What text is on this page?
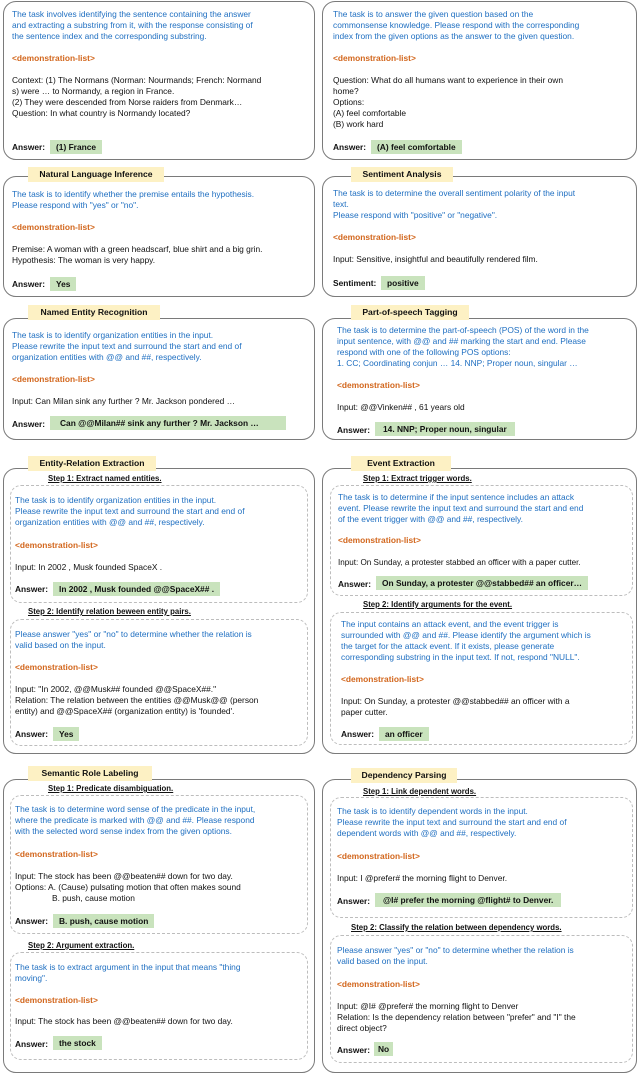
The task involves identifying the sentence containing the answer
and extracting a substring from it, with the response consisting of
the sentence index and the corresponding substring.
<demonstration-list>
Context: (1) The Normans (Norman: Nourmands; French: Normand
s) were … to Normandy, a region in France.
(2) They were descended from Norse raiders from Denmark…
Question: In what country is Normandy located?
Answer:	(1) France
The task is to answer the given question based on the
commonsense knowledge. Please respond with the corresponding
index from the given options as the answer to the given question.
<demonstration-list>
Question: What do all humans want to experience in their own
home?
Options:
(A) feel comfortable
(B) work hard
Answer:	(A) feel comfortable
Natural Language Inference
The task is to identify whether the premise entails the hypothesis.
Please respond with "yes" or "no".
<demonstration-list>
Premise: A woman with a green headscarf, blue shirt and a big grin.
Hypothesis: The woman is very happy.
Answer:	Yes
Sentiment Analysis
The task is to determine the overall sentiment polarity of the input
text.
Please respond with "positive" or "negative".
<demonstration-list>
Input: Sensitive, insightful and beautifully rendered film.
Sentiment:	positive
Named Entity Recognition
The task is to identify organization entities in the input.
Please rewrite the input text and surround the start and end of
organization entities with @@ and ##, respectively.
<demonstration-list>
Input: Can Milan sink any further ? Mr. Jackson pondered …
Answer:	Can @@Milan## sink any further ? Mr. Jackson …
Part-of-speech Tagging
The task is to determine the part-of-speech (POS) of the word in the
input sentence, with @@ and ## marking the start and end. Please
respond with one of the following POS options:
1. CC; Coordinating conjun … 14. NNP; Proper noun, singular …
<demonstration-list>
Input: @@Vinken## , 61 years old
Answer:	14. NNP; Proper noun, singular
Entity-Relation Extraction
Step 1: Extract named entities.
The task is to identify organization entities in the input.
Please rewrite the input text and surround the start and end of
organization entities with @@ and ##, respectively.
<demonstration-list>
Input: In 2002 , Musk founded SpaceX .
Answer:	In 2002 , Musk founded @@SpaceX## .
Step 2: Identify relation beween entity pairs.
Please answer "yes" or "no" to determine whether the relation is
valid based on the input.
<demonstration-list>
Input: "In 2002, @@Musk## founded @@SpaceX##."
Relation: The relation between the entities @@Musk@@ (person
entity) and @@SpaceX## (organization entity) is 'founded'.
Answer:	Yes
Event Extraction
Step 1: Extract trigger words.
The task is to determine if the input sentence includes an attack
event. Please rewrite the input text and surround the start and end
of the event trigger with @@ and ##, respectively.
<demonstration-list>
Input: On Sunday, a protester stabbed an officer with a paper cutter.
Answer:	On Sunday, a protester @@stabbed## an officer…
Step 2: Identify arguments for the event.
The input contains an attack event, and the event trigger is
surrounded with @@ and ##. Please identify the argument which is
the target for the attack event. If it exists, please generate
corresponding substring in the input text. If not, respond "NULL".
<demonstration-list>
Input: On Sunday, a protester @@stabbed## an officer with a
paper cutter.
Answer:	an officer
Semantic Role Labeling
Step 1: Predicate disambiguation.
The task is to determine word sense of the predicate in the input,
where the predicate is marked with @@ and ##. Please respond
with the selected word sense index from the given options.
<demonstration-list>
Input: The stock has been @@beaten## down for two day.
Options: A. (Cause) pulsating motion that often makes sound
B. push, cause motion
Answer:	B. push, cause motion
Step 2: Argument extraction.
The task is to extract argument in the input that means "thing
moving".
<demonstration-list>
Input: The stock has been @@beaten## down for two day.
Answer:	the stock
Dependency Parsing
Step 1: Link dependent words.
The task is to identify dependent words in the input.
Please rewrite the input text and surround the start and end of
dependent words with @@ and ##, respectively.
<demonstration-list>
Input: I @prefer# the morning flight to Denver.
Answer:	@I# prefer the morning @flight# to Denver.
Step 2: Classify the relation between dependency words.
Please answer "yes" or "no" to determine whether the relation is
valid based on the input.
<demonstration-list>
Input: @I# @prefer# the morning flight to Denver
Relation: Is the dependency relation between "prefer" and "I" the
direct object?
Answer: No
